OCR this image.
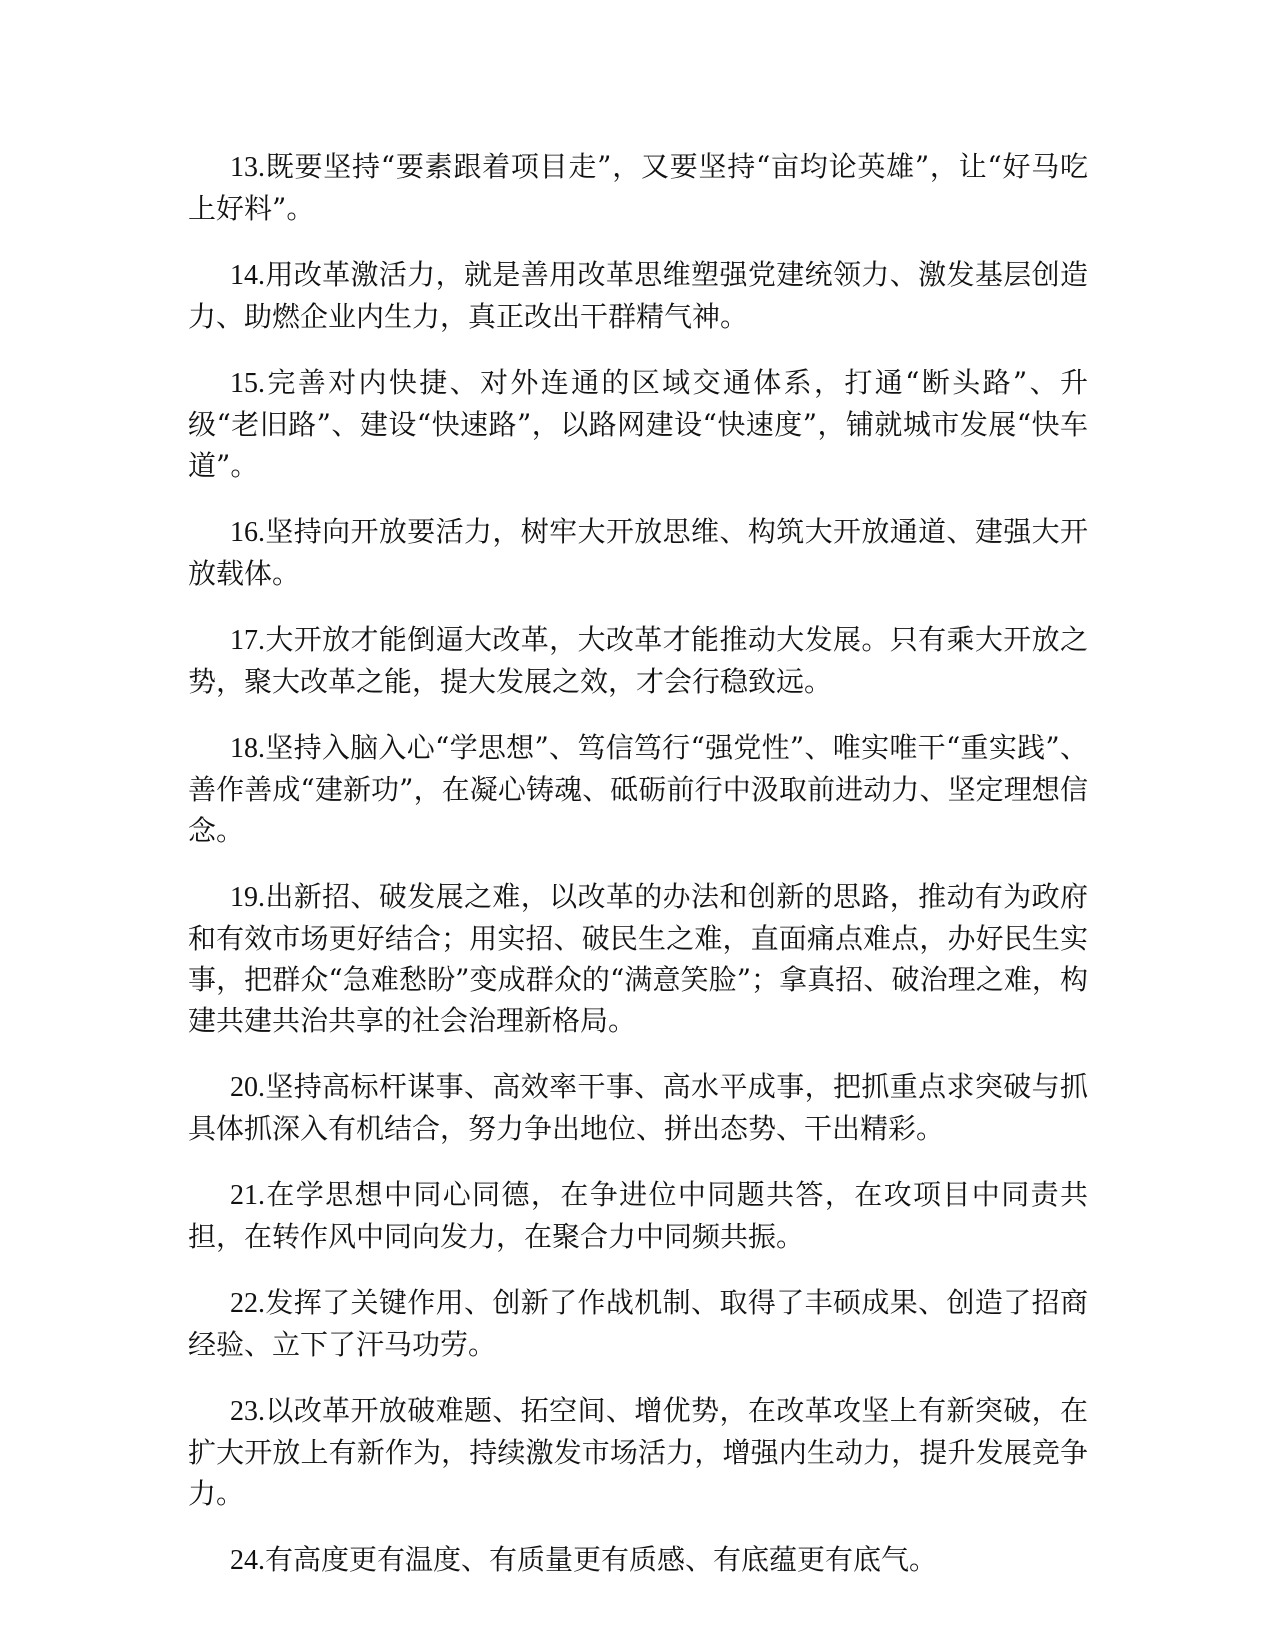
13.既要坚持“要素跟着项目走”，又要坚持“亩均论英雄”，让“好马吃上好料”。

14.用改革激活力，就是善用改革思维塑强党建统领力、激发基层创造力、助燃企业内生力，真正改出干群精气神。

15.完善对内快捷、对外连通的区域交通体系，打通“断头路”、升级“老旧路”、建设“快速路”，以路网建设“快速度”，铺就城市发展“快车道”。

16.坚持向开放要活力，树牢大开放思维、构筑大开放通道、建强大开放载体。

17.大开放才能倒逼大改革，大改革才能推动大发展。只有乘大开放之势，聚大改革之能，提大发展之效，才会行稳致远。

18.坚持入脑入心“学思想”、笃信笃行“强党性”、唯实唯干“重实践”、善作善成“建新功”，在凝心铸魂、砥砺前行中汲取前进动力、坚定理想信念。

19.出新招、破发展之难，以改革的办法和创新的思路，推动有为政府和有效市场更好结合；用实招、破民生之难，直面痛点难点，办好民生实事，把群众“急难愁盼”变成群众的“满意笑脸”；拿真招、破治理之难，构建共建共治共享的社会治理新格局。

20.坚持高标杆谋事、高效率干事、高水平成事，把抓重点求突破与抓具体抓深入有机结合，努力争出地位、拼出态势、干出精彩。

21.在学思想中同心同德，在争进位中同题共答，在攻项目中同责共担，在转作风中同向发力，在聚合力中同频共振。

22.发挥了关键作用、创新了作战机制、取得了丰硕成果、创造了招商经验、立下了汗马功劳。

23.以改革开放破难题、拓空间、增优势，在改革攻坚上有新突破，在扩大开放上有新作为，持续激发市场活力，增强内生动力，提升发展竞争力。

24.有高度更有温度、有质量更有质感、有底蕴更有底气。
